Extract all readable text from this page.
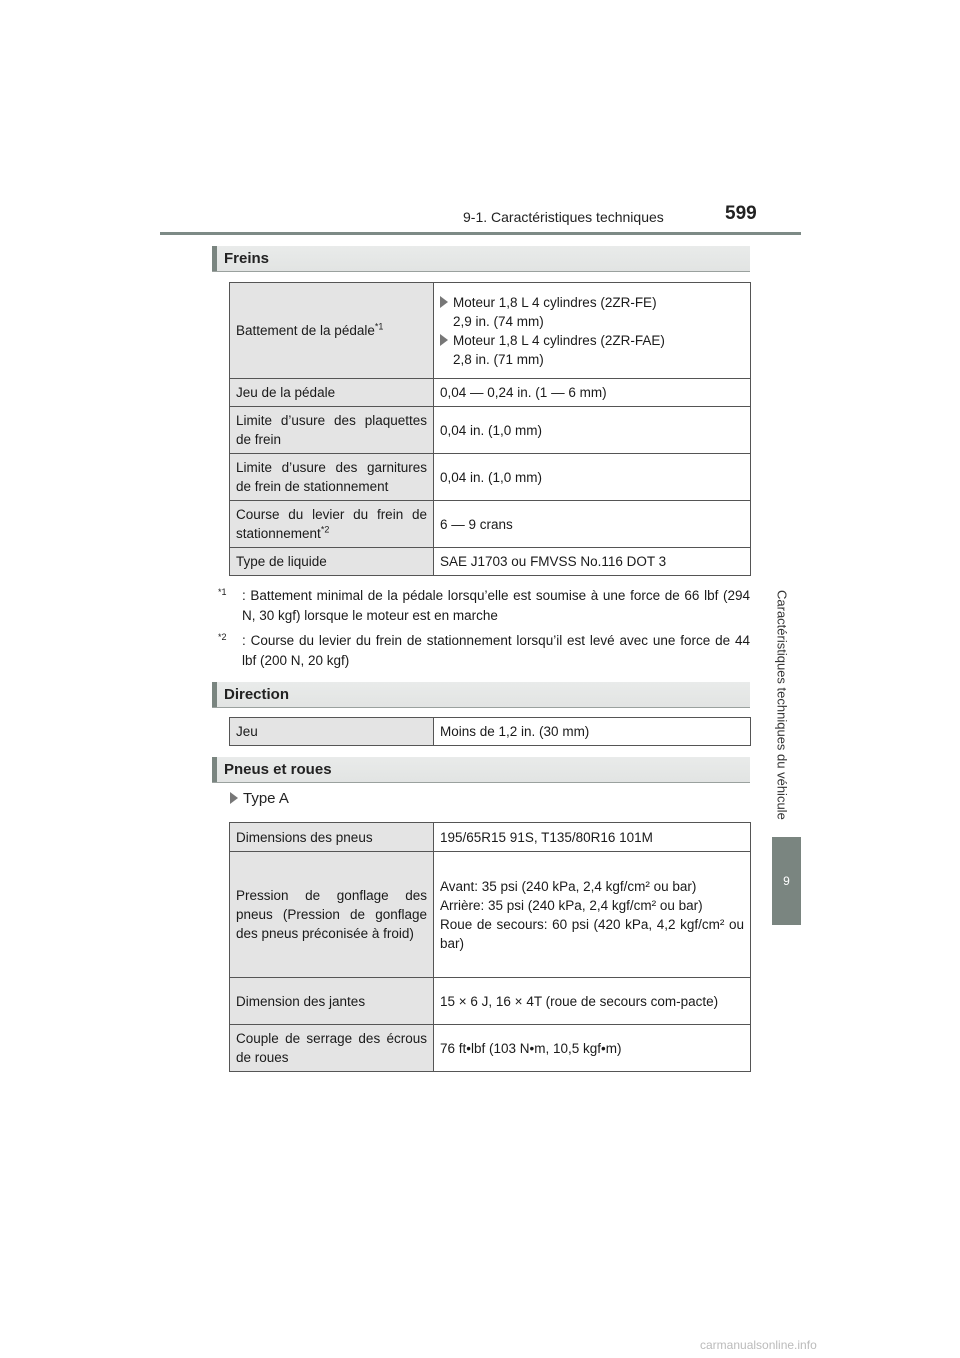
9-1. Caractéristiques techniques	599
Caractéristiques techniques du véhicule
9
Freins
Battement de la pédale$^{*1}$	Moteur 1,8 L 4 cylindres (2ZR-FE)
2,9 in. (74 mm)
Moteur 1,8 L 4 cylindres (2ZR-FAE)
2,8 in. (71 mm)

Jeu de la pédale	0,04 — 0,24 in. (1 — 6 mm)
Limite d’usure des plaquettes de frein	0,04 in. (1,0 mm)
Limite d’usure des garnitures de frein de stationnement	0,04 in. (1,0 mm)
Course du levier du frein de stationnement$^{*2}$	6 — 9 crans
Type de liquide	SAE J1703 ou FMVSS No.116 DOT 3
*1	: Battement minimal de la pédale lorsqu’elle est soumise à une force de 66 lbf (294 N, 30 kgf) lorsque le moteur est en marche
*2	: Course du levier du frein de stationnement lorsqu’il est levé avec une force de 44 lbf (200 N, 20 kgf)
Direction
Jeu	Moins de 1,2 in. (30 mm)
Pneus et roues
Type A
Dimensions des pneus	195/65R15 91S, T135/80R16 101M
Pression de gonflage des pneus (Pression de gonflage des pneus préconisée à froid)	Avant: 35 psi (240 kPa, 2,4 kgf/cm² ou bar)
Arrière: 35 psi (240 kPa, 2,4 kgf/cm² ou bar)
Roue de secours: 60 psi (420 kPa, 4,2 kgf/cm² ou bar)

Dimension des jantes	15 × 6 J, 16 × 4T (roue de secours com-pacte)
Couple de serrage des écrous de roues	76 ft•lbf (103 N•m, 10,5 kgf•m)
carmanualsonline.info
